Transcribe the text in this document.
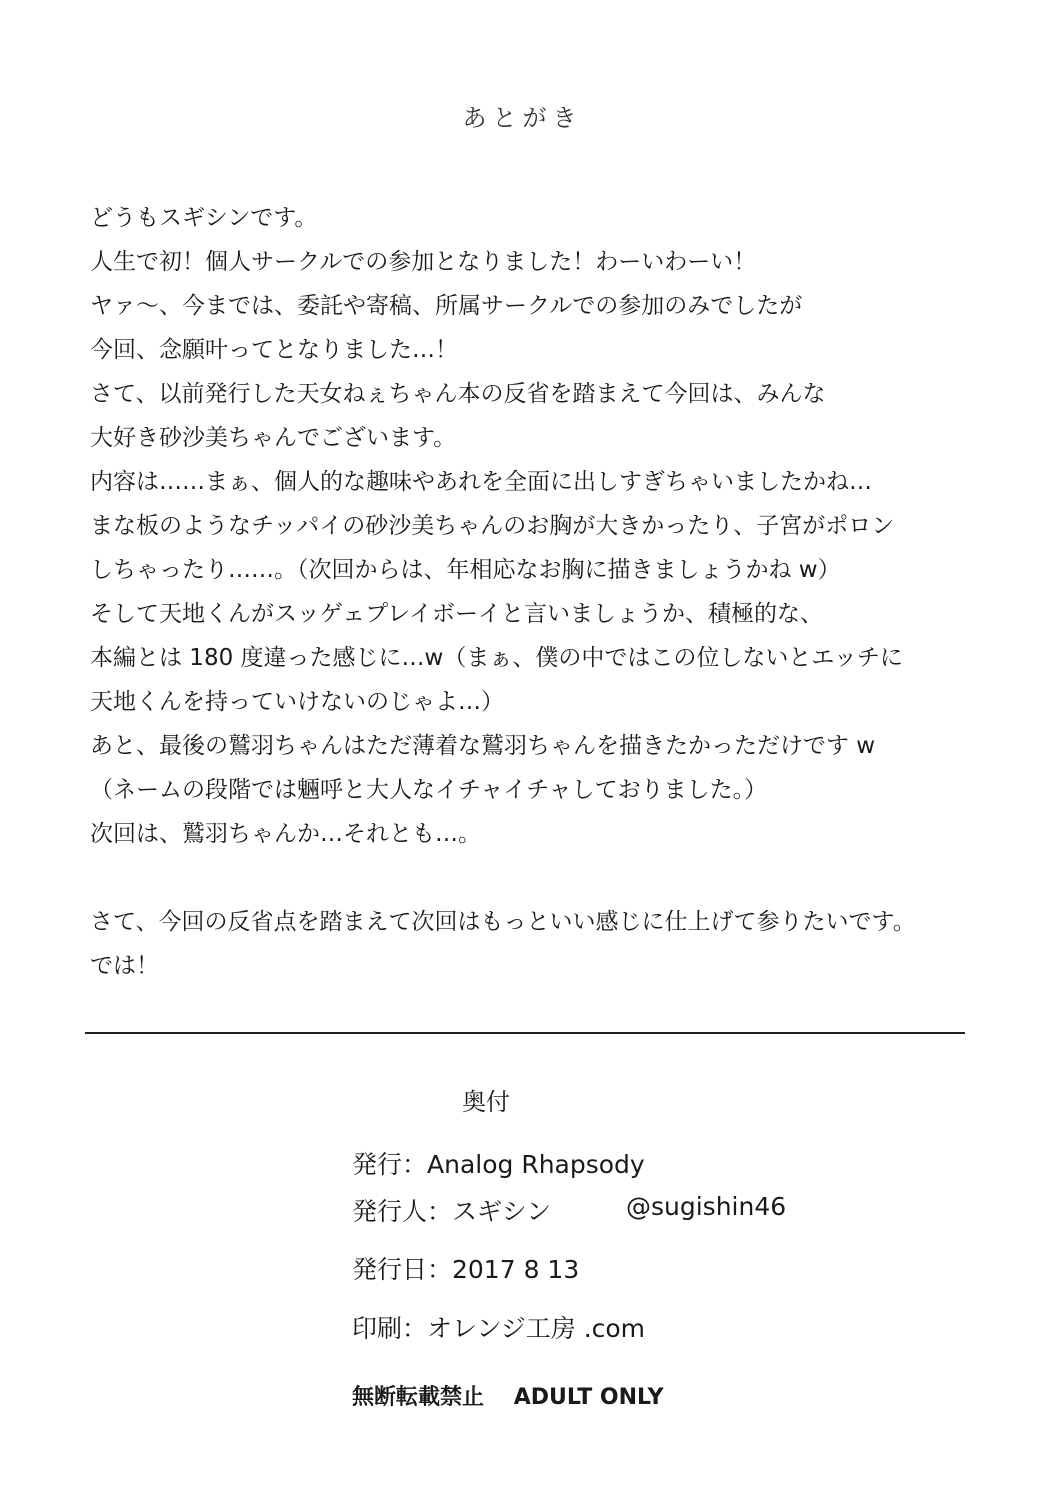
あとがき
どうもスギシンです。
人生で初！個人サークルでの参加となりました！わーいわーい！
ヤァ～、今までは、委託や寄稿、所属サークルでの参加のみでしたが
今回、念願叶ってとなりました…！
さて、以前発行した天女ねぇちゃん本の反省を踏まえて今回は、みんな
大好き砂沙美ちゃんでございます。
内容は……まぁ、個人的な趣味やあれを全面に出しすぎちゃいましたかね…
まな板のようなチッパイの砂沙美ちゃんのお胸が大きかったり、子宮がポロン
しちゃったり……。（次回からは、年相応なお胸に描きましょうかね w）
そして天地くんがスッゲェプレイボーイと言いましょうか、積極的な、
本編とは 180 度違った感じに…w（まぁ、僕の中ではこの位しないとエッチに
天地くんを持っていけないのじゃよ…）
あと、最後の鷲羽ちゃんはただ薄着な鷲羽ちゃんを描きたかっただけです w
（ネームの段階では魎呼と大人なイチャイチャしておりました。）
次回は、鷲羽ちゃんか…それとも…。
さて、今回の反省点を踏まえて次回はもっといい感じに仕上げて参りたいです。
では！
奥付
発行：Analog Rhapsody
発行人：スギシン	@sugishin46
発行日：2017 8 13
印刷：オレンジ工房 .com
無断転載禁止 ADULT ONLY
